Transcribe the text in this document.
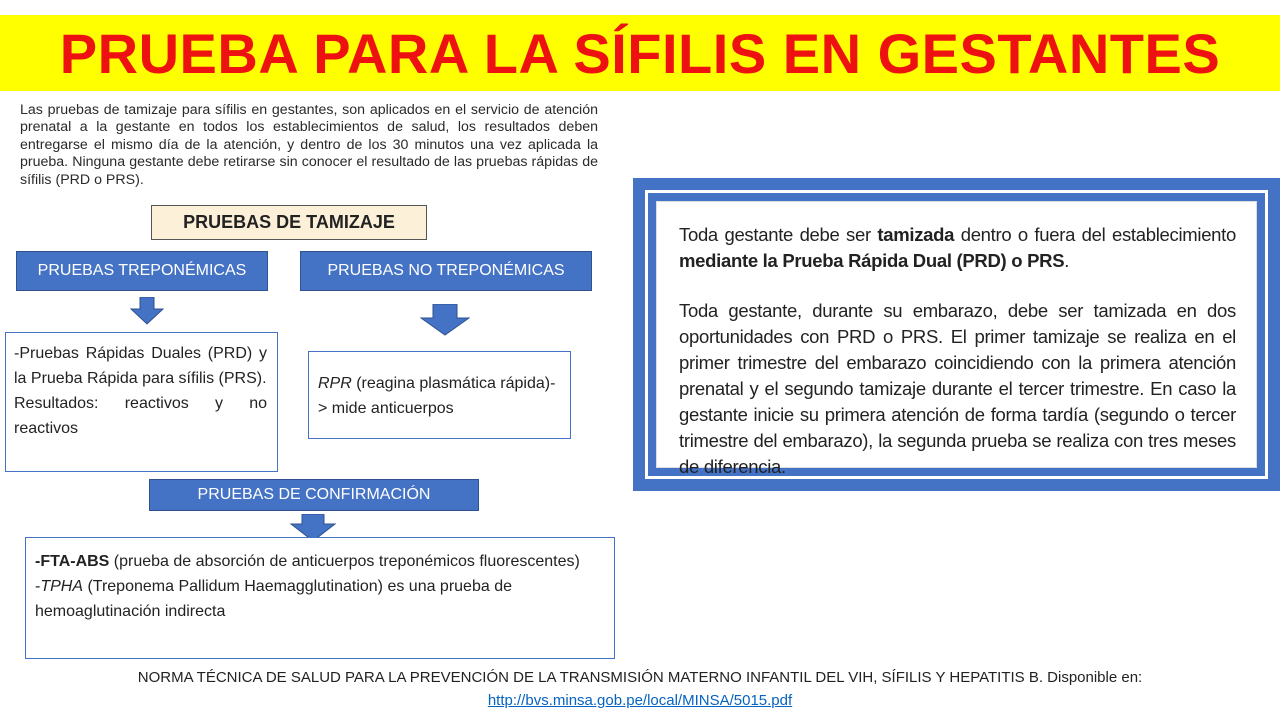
PRUEBA PARA LA SÍFILIS EN GESTANTES
Las pruebas de tamizaje para sífilis en gestantes, son aplicados en el servicio de atención prenatal a la gestante en todos los establecimientos de salud, los resultados deben entregarse el mismo día de la atención, y dentro de los 30 minutos una vez aplicada la prueba. Ninguna gestante debe retirarse sin conocer el resultado de las pruebas rápidas de sífilis (PRD o PRS).
PRUEBAS DE TAMIZAJE
PRUEBAS TREPONÉMICAS	PRUEBAS NO TREPONÉMICAS
-Pruebas Rápidas Duales (PRD) y la Prueba Rápida para sífilis (PRS).
Resultados: reactivos y no reactivos
RPR (reagina plasmática rápida)-> mide anticuerpos
PRUEBAS DE CONFIRMACIÓN
-FTA-ABS (prueba de absorción de anticuerpos treponémicos fluorescentes)
-TPHA (Treponema Pallidum Haemagglutination) es una prueba de hemoaglutinación indirecta

Toda gestante debe ser tamizada dentro o fuera del establecimiento mediante la Prueba Rápida Dual (PRD) o PRS.

Toda gestante, durante su embarazo, debe ser tamizada en dos oportunidades con PRD o PRS. El primer tamizaje se realiza en el primer trimestre del embarazo coincidiendo con la primera atención prenatal y el segundo tamizaje durante el tercer trimestre. En caso la gestante inicie su primera atención de forma tardía (segundo o tercer trimestre del embarazo), la segunda prueba se realiza con tres meses de diferencia.

NORMA TÉCNICA DE SALUD PARA LA PREVENCIÓN DE LA TRANSMISIÓN MATERNO INFANTIL DEL VIH, SÍFILIS Y HEPATITIS B. Disponible en:
http://bvs.minsa.gob.pe/local/MINSA/5015.pdf
